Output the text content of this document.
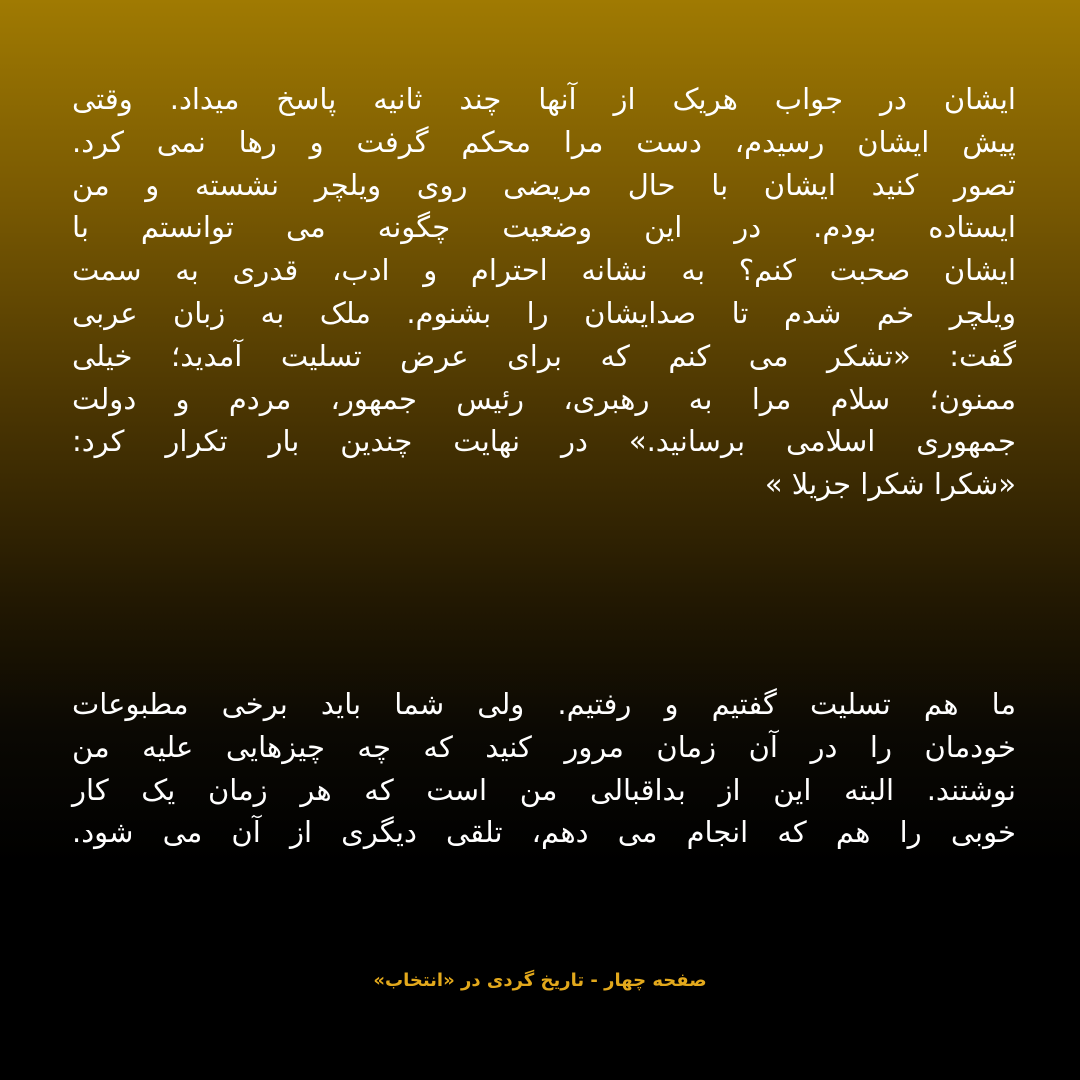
ایشان در جواب هریک از آنها چند ثانیه پاسخ میداد. وقتی
پیش ایشان رسیدم، دست مرا محکم گرفت و رها نمی کرد.
تصور کنید ایشان با حال مریضی روی ویلچر نشسته و من
ایستاده بودم. در این وضعیت چگونه می توانستم با
ایشان صحبت کنم؟ به نشانه احترام و ادب، قدری به سمت
ویلچر خم شدم تا صدایشان را بشنوم. ملک به زبان عربی
گفت: «تشکر می کنم که برای عرض تسلیت آمدید؛ خیلی
ممنون؛ سلام مرا به رهبری، رئیس جمهور، مردم و دولت
جمهوری اسلامی برسانید.» در نهایت چندین بار تکرار کرد:
«شکرا شکرا جزیلا »
ما هم تسلیت گفتیم و رفتیم. ولی شما باید برخی مطبوعات
خودمان را در آن زمان مرور کنید که چه چیزهایی علیه من
نوشتند. البته این از بداقبالی من است که هر زمان یک کار
خوبی را هم که انجام می دهم، تلقی دیگری از آن می شود.
صفحه چهار - تاریخ گردی در «انتخاب»
